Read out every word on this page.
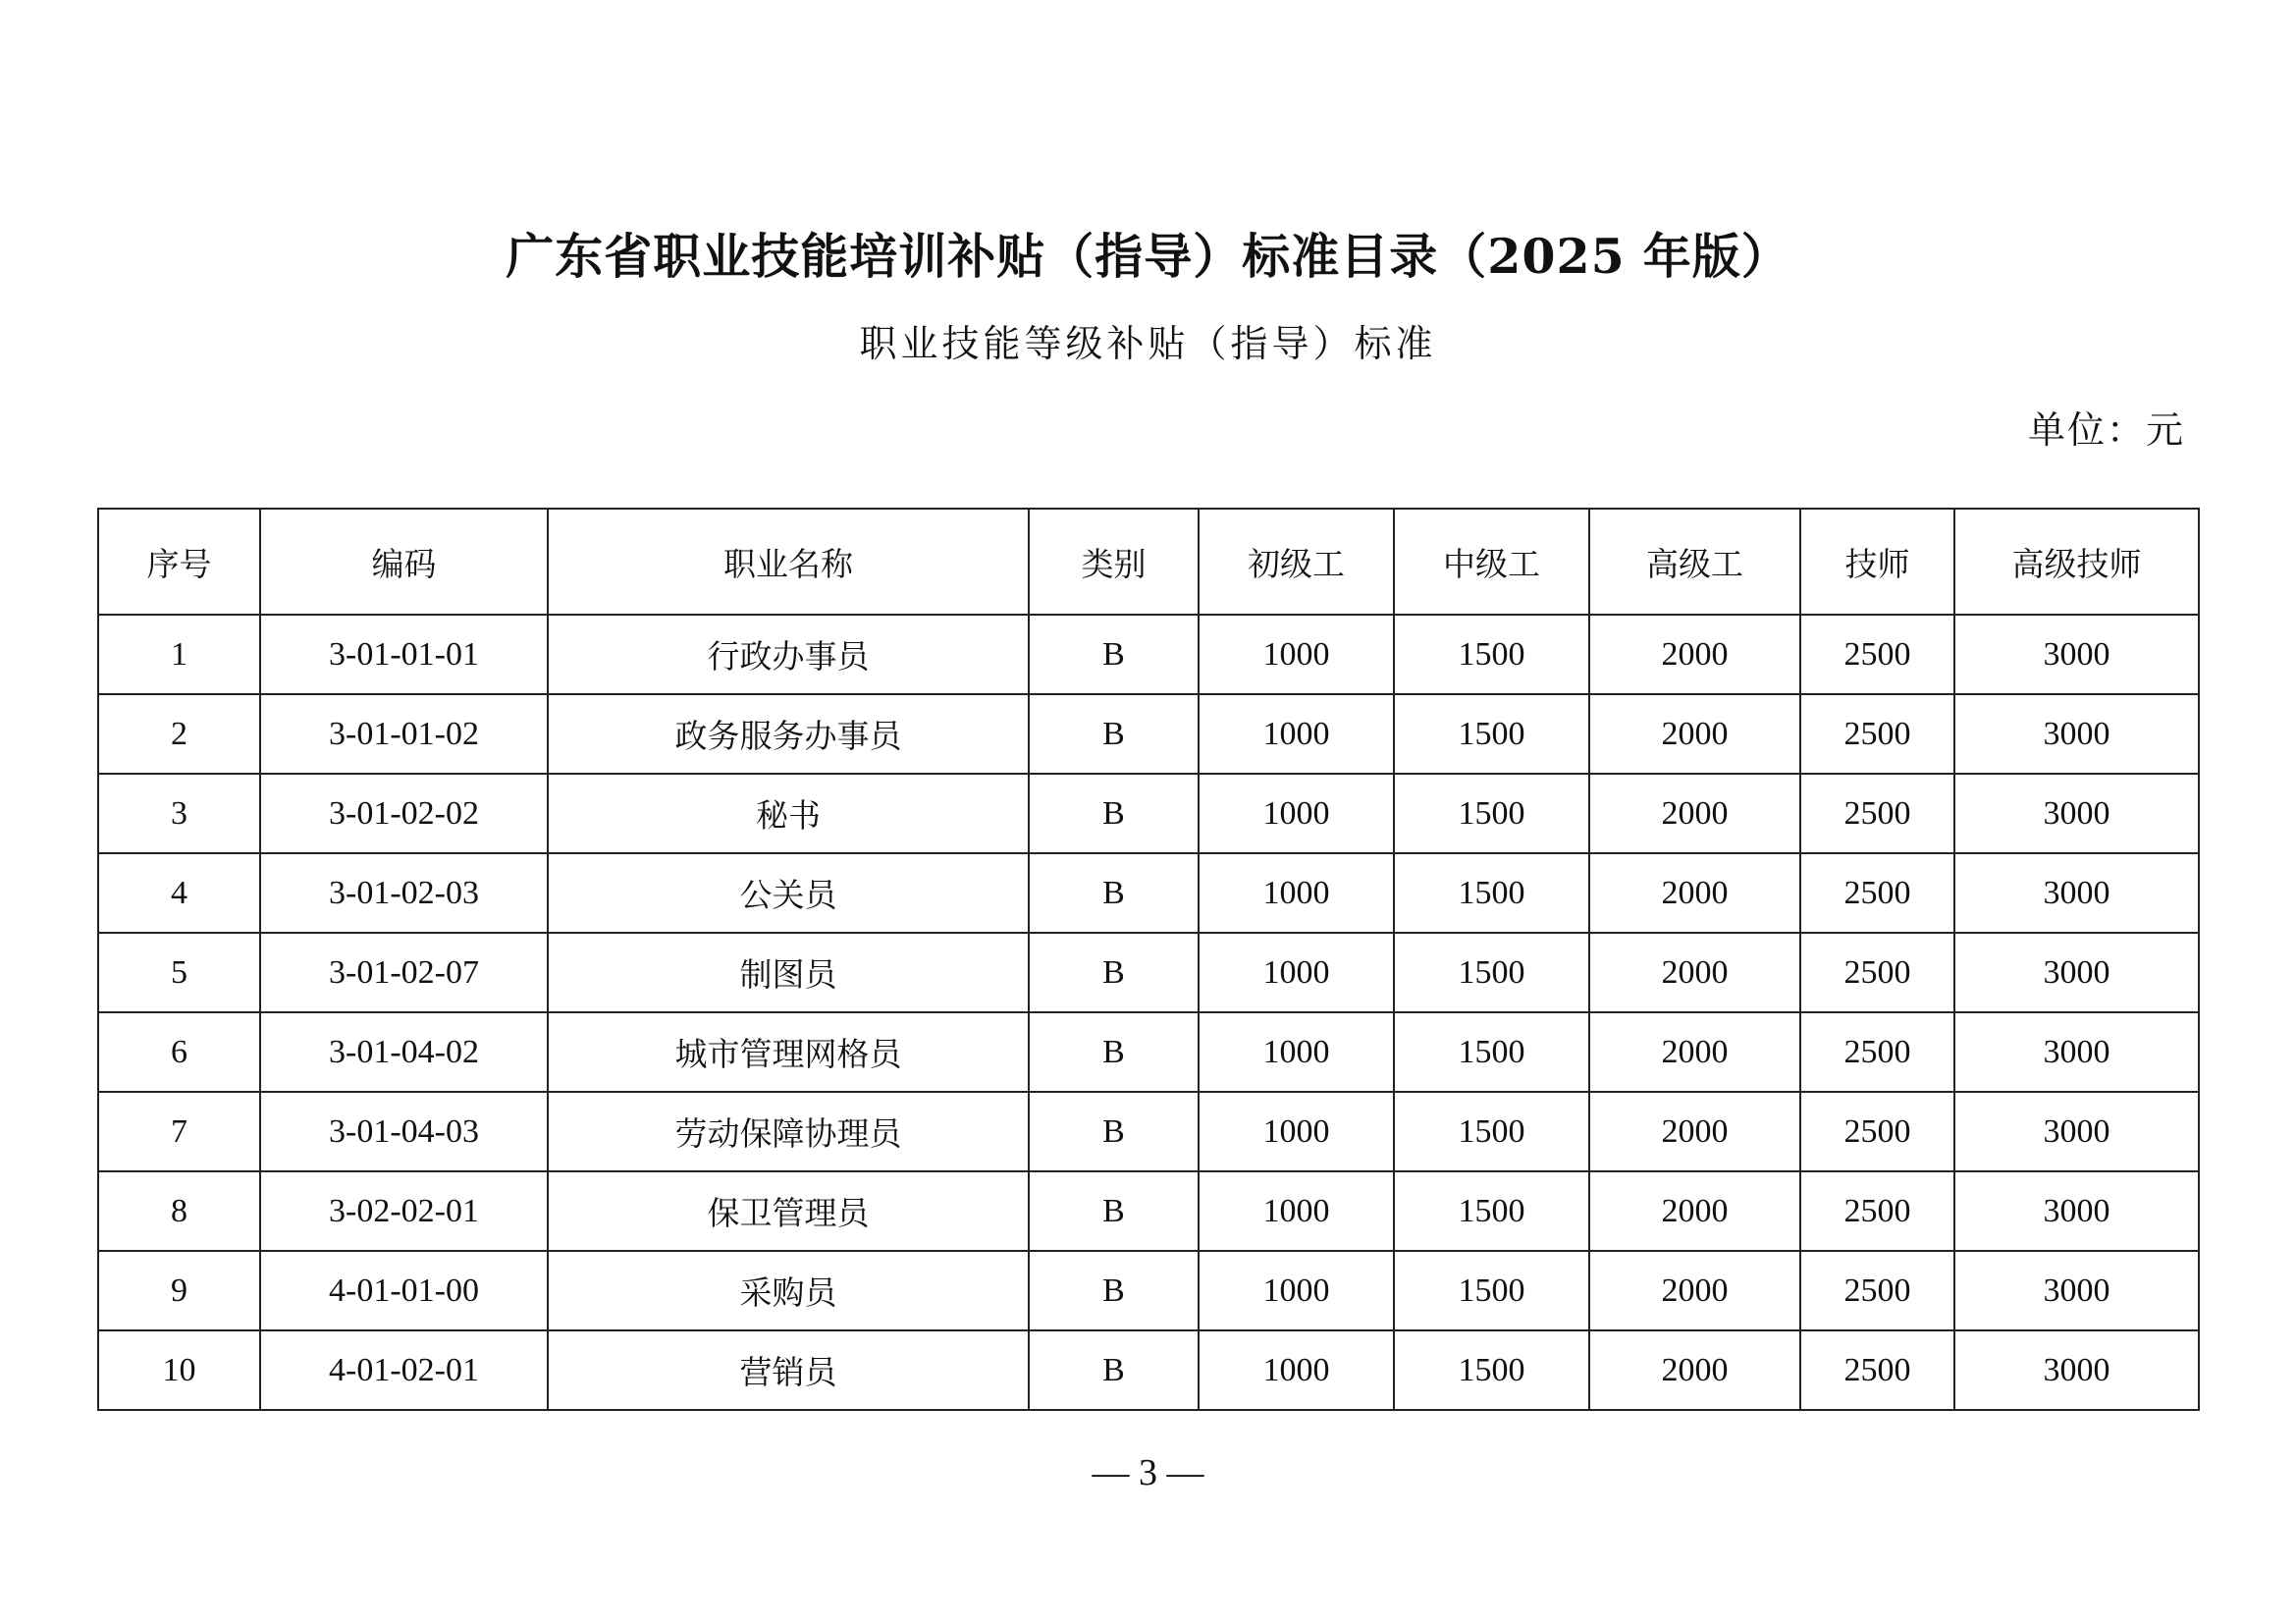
广东省职业技能培训补贴（指导）标准目录（2025 年版）
职业技能等级补贴（指导）标准
单位：元
序号	编码	职业名称	类别	初级工	中级工	高级工	技师	高级技师
1	3-01-01-01	行政办事员	B	1000	1500	2000	2500	3000
2	3-01-01-02	政务服务办事员	B	1000	1500	2000	2500	3000
3	3-01-02-02	秘书	B	1000	1500	2000	2500	3000
4	3-01-02-03	公关员	B	1000	1500	2000	2500	3000
5	3-01-02-07	制图员	B	1000	1500	2000	2500	3000
6	3-01-04-02	城市管理网格员	B	1000	1500	2000	2500	3000
7	3-01-04-03	劳动保障协理员	B	1000	1500	2000	2500	3000
8	3-02-02-01	保卫管理员	B	1000	1500	2000	2500	3000
9	4-01-01-00	采购员	B	1000	1500	2000	2500	3000
10	4-01-02-01	营销员	B	1000	1500	2000	2500	3000
— 3 —
